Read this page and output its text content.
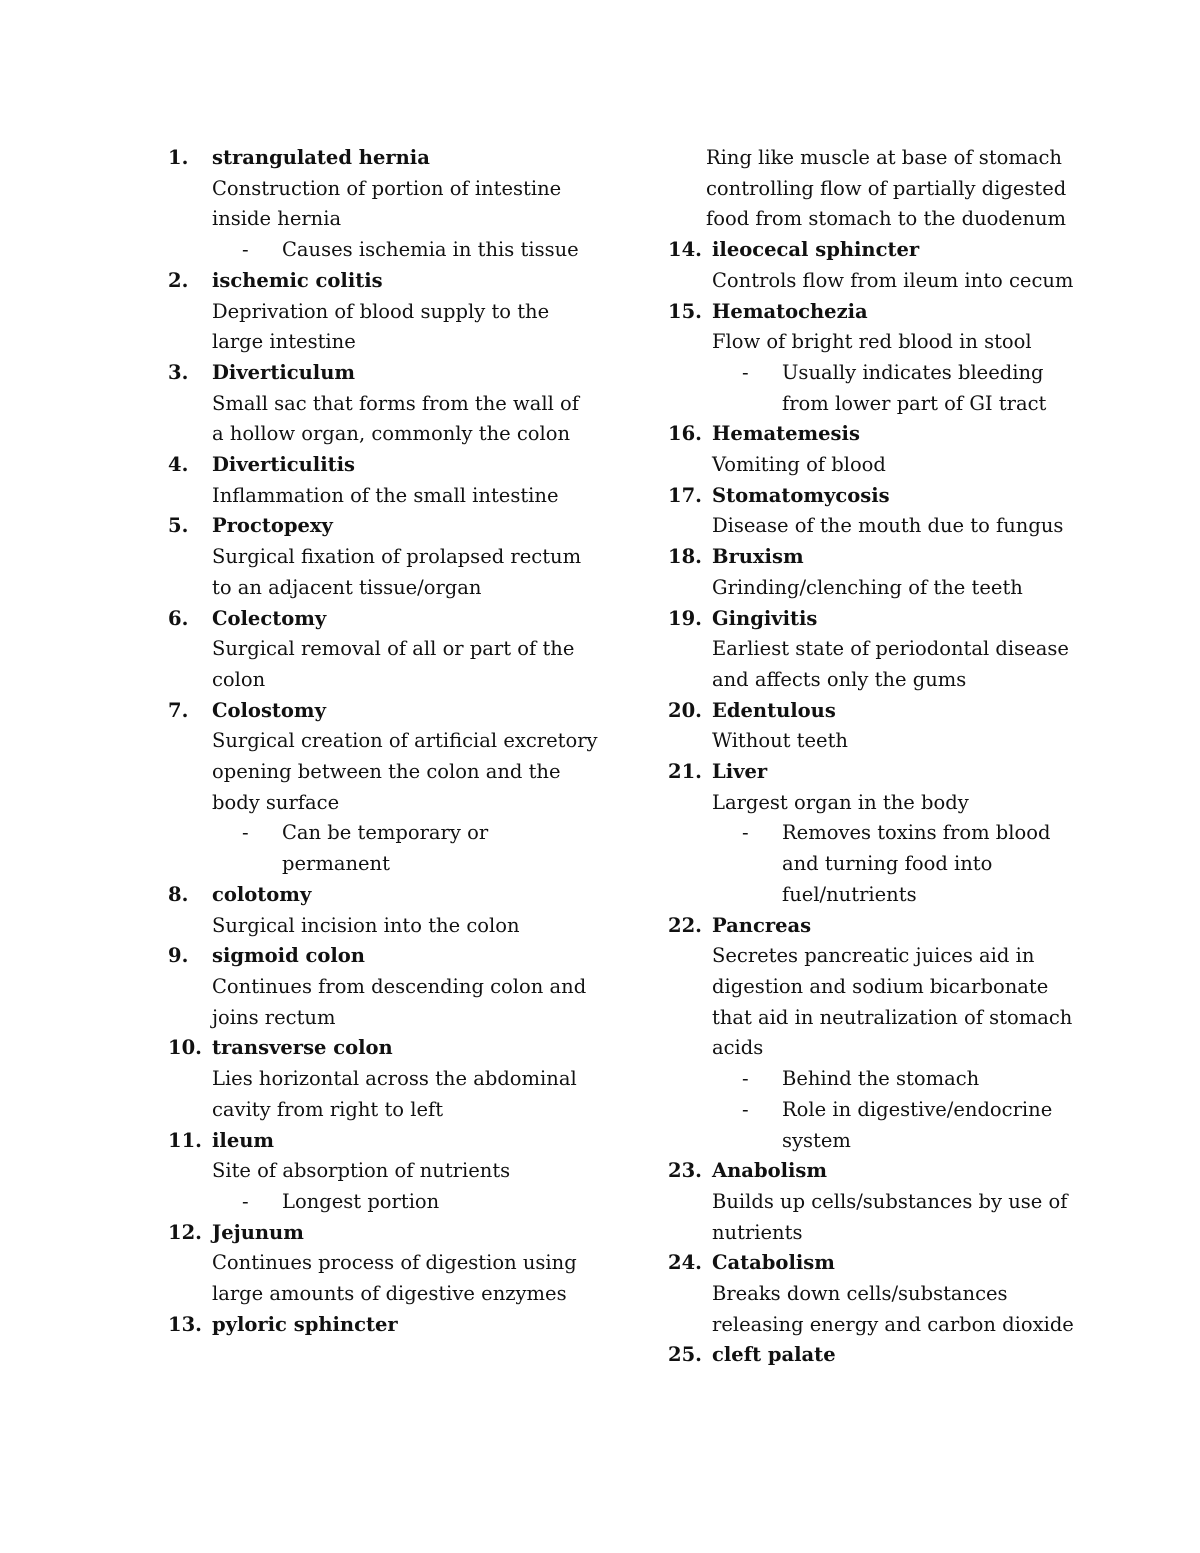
1. strangulated hernia
Construction of portion of intestine
inside hernia
- Causes ischemia in this tissue
2. ischemic colitis
Deprivation of blood supply to the
large intestine
3. Diverticulum
Small sac that forms from the wall of
a hollow organ, commonly the colon
4. Diverticulitis
Inflammation of the small intestine
5. Proctopexy
Surgical fixation of prolapsed rectum
to an adjacent tissue/organ
6. Colectomy
Surgical removal of all or part of the
colon
7. Colostomy
Surgical creation of artificial excretory
opening between the colon and the
body surface
- Can be temporary or
permanent
8. colotomy
Surgical incision into the colon
9. sigmoid colon
Continues from descending colon and
joins rectum
10. transverse colon
Lies horizontal across the abdominal
cavity from right to left
11. ileum
Site of absorption of nutrients
- Longest portion
12. Jejunum
Continues process of digestion using
large amounts of digestive enzymes
13. pyloric sphincter
Ring like muscle at base of stomach
controlling flow of partially digested
food from stomach to the duodenum
14. ileocecal sphincter
Controls flow from ileum into cecum
15. Hematochezia
Flow of bright red blood in stool
- Usually indicates bleeding
from lower part of GI tract
16. Hematemesis
Vomiting of blood
17. Stomatomycosis
Disease of the mouth due to fungus
18. Bruxism
Grinding/clenching of the teeth
19. Gingivitis
Earliest state of periodontal disease
and affects only the gums
20. Edentulous
Without teeth
21. Liver
Largest organ in the body
- Removes toxins from blood
and turning food into
fuel/nutrients
22. Pancreas
Secretes pancreatic juices aid in
digestion and sodium bicarbonate
that aid in neutralization of stomach
acids
- Behind the stomach
- Role in digestive/endocrine
system
23. Anabolism
Builds up cells/substances by use of
nutrients
24. Catabolism
Breaks down cells/substances
releasing energy and carbon dioxide
25. cleft palate
